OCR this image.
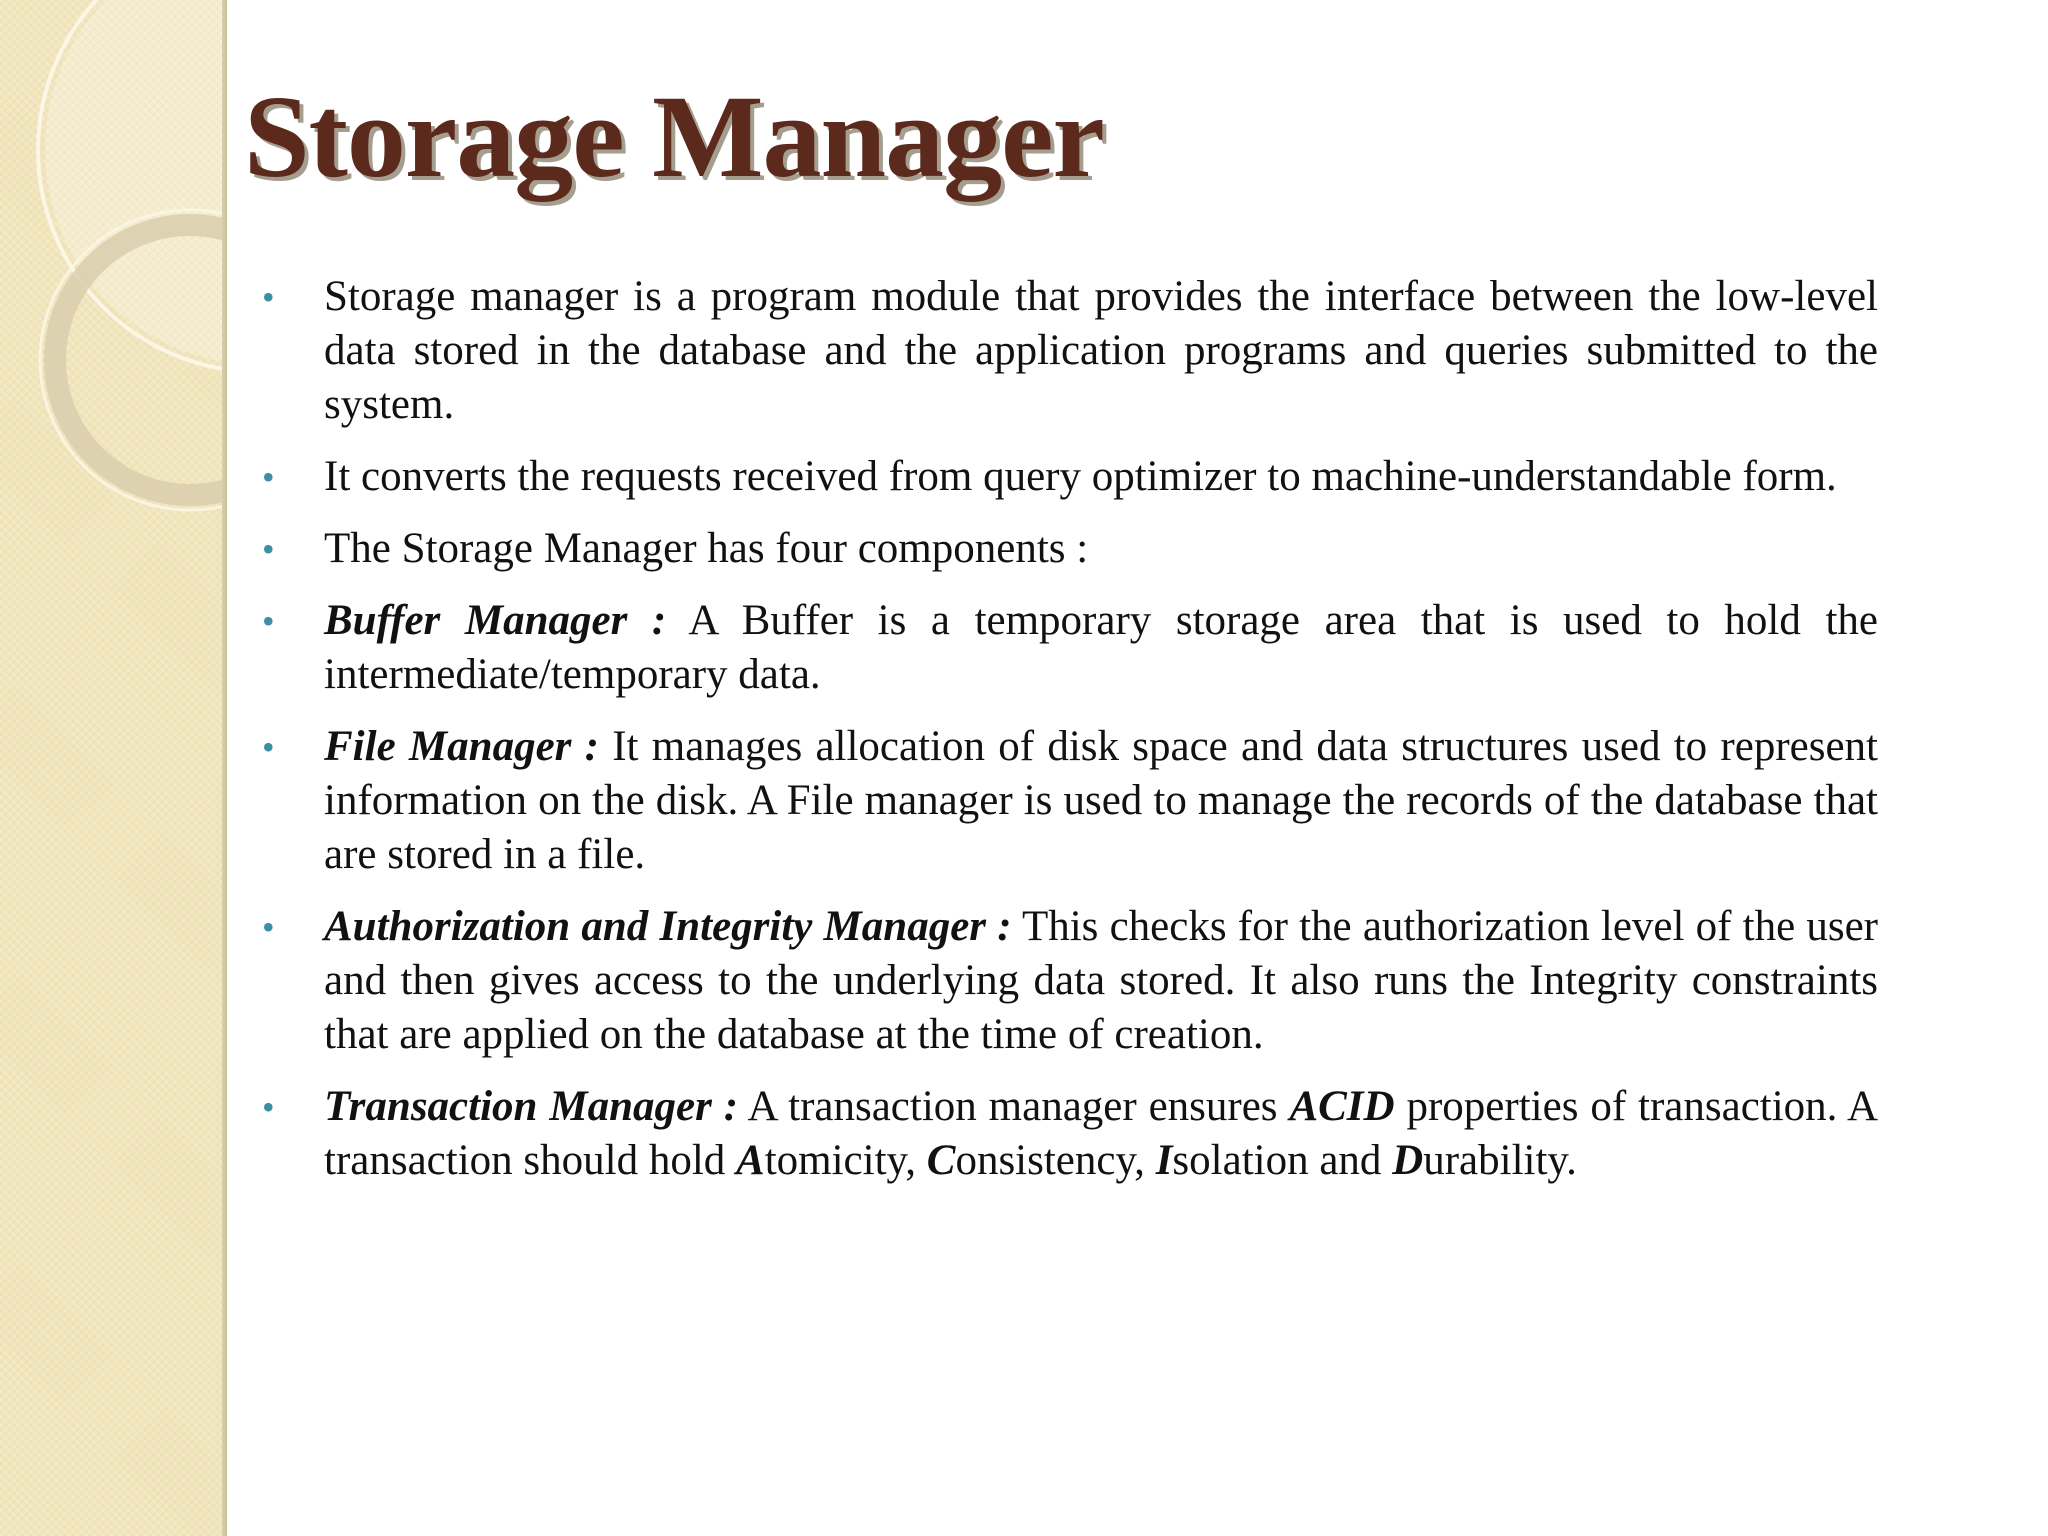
Storage Manager
• Storage manager is a program module that provides the interface between the low-level data stored in the database and the application programs and queries submitted to the system.
• It converts the requests received from query optimizer to machine-understandable form.
• The Storage Manager has four components :
• Buffer Manager : A Buffer is a temporary storage area that is used to hold the intermediate/temporary data.
• File Manager : It manages allocation of disk space and data structures used to represent information on the disk. A File manager is used to manage the records of the database that are stored in a file.
• Authorization and Integrity Manager : This checks for the authorization level of the user and then gives access to the underlying data stored. It also runs the Integrity constraints that are applied on the database at the time of creation.
• Transaction Manager : A transaction manager ensures ACID properties of transaction. A transaction should hold Atomicity, Consistency, Isolation and Durability.
